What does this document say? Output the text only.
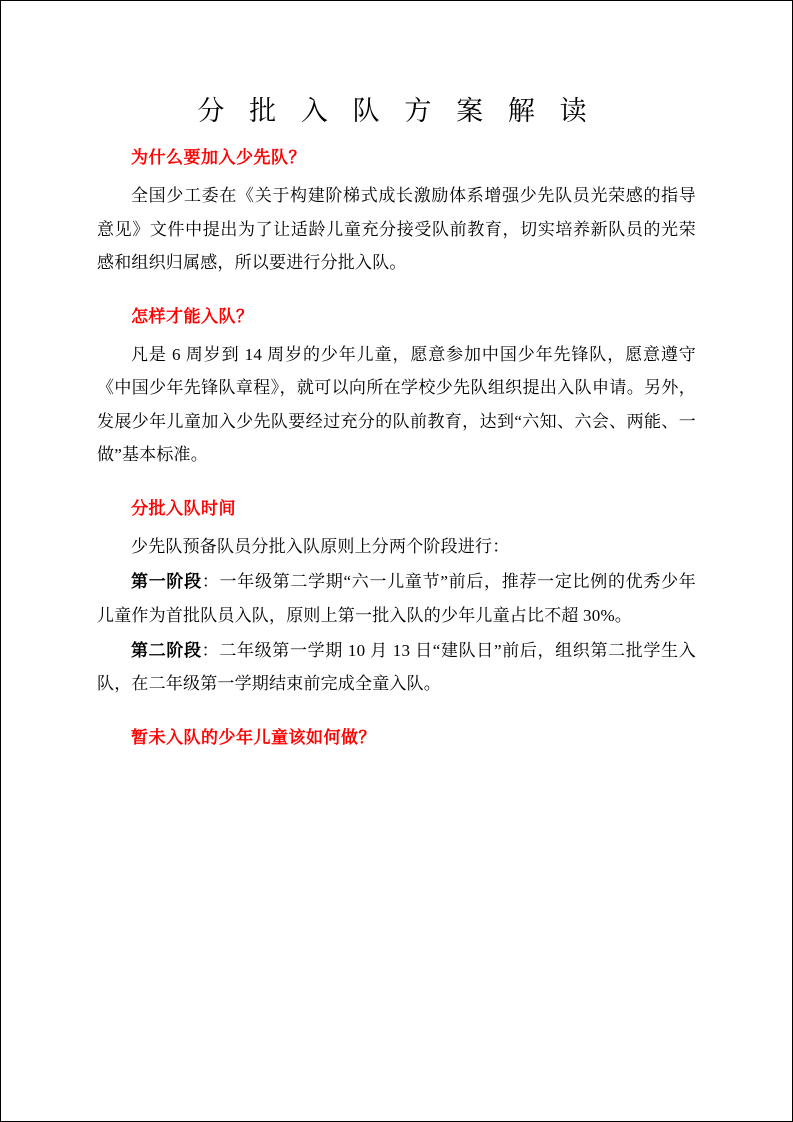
分 批 入 队 方 案 解 读
为什么要加入少先队？

全国少工委在《关于构建阶梯式成长激励体系增强少先队员光荣感的指导意见》文件中提出为了让适龄儿童充分接受队前教育，切实培养新队员的光荣感和组织归属感，所以要进行分批入队。

怎样才能入队？

凡是 6 周岁到 14 周岁的少年儿童，愿意参加中国少年先锋队，愿意遵守《中国少年先锋队章程》，就可以向所在学校少先队组织提出入队申请。另外，发展少年儿童加入少先队要经过充分的队前教育，达到“六知、六会、两能、一做”基本标准。

分批入队时间

少先队预备队员分批入队原则上分两个阶段进行：

第一阶段：一年级第二学期“六一儿童节”前后，推荐一定比例的优秀少年儿童作为首批队员入队，原则上第一批入队的少年儿童占比不超 30%。

第二阶段：二年级第一学期 10 月 13 日“建队日”前后，组织第二批学生入队，在二年级第一学期结束前完成全童入队。

暂未入队的少年儿童该如何做？
